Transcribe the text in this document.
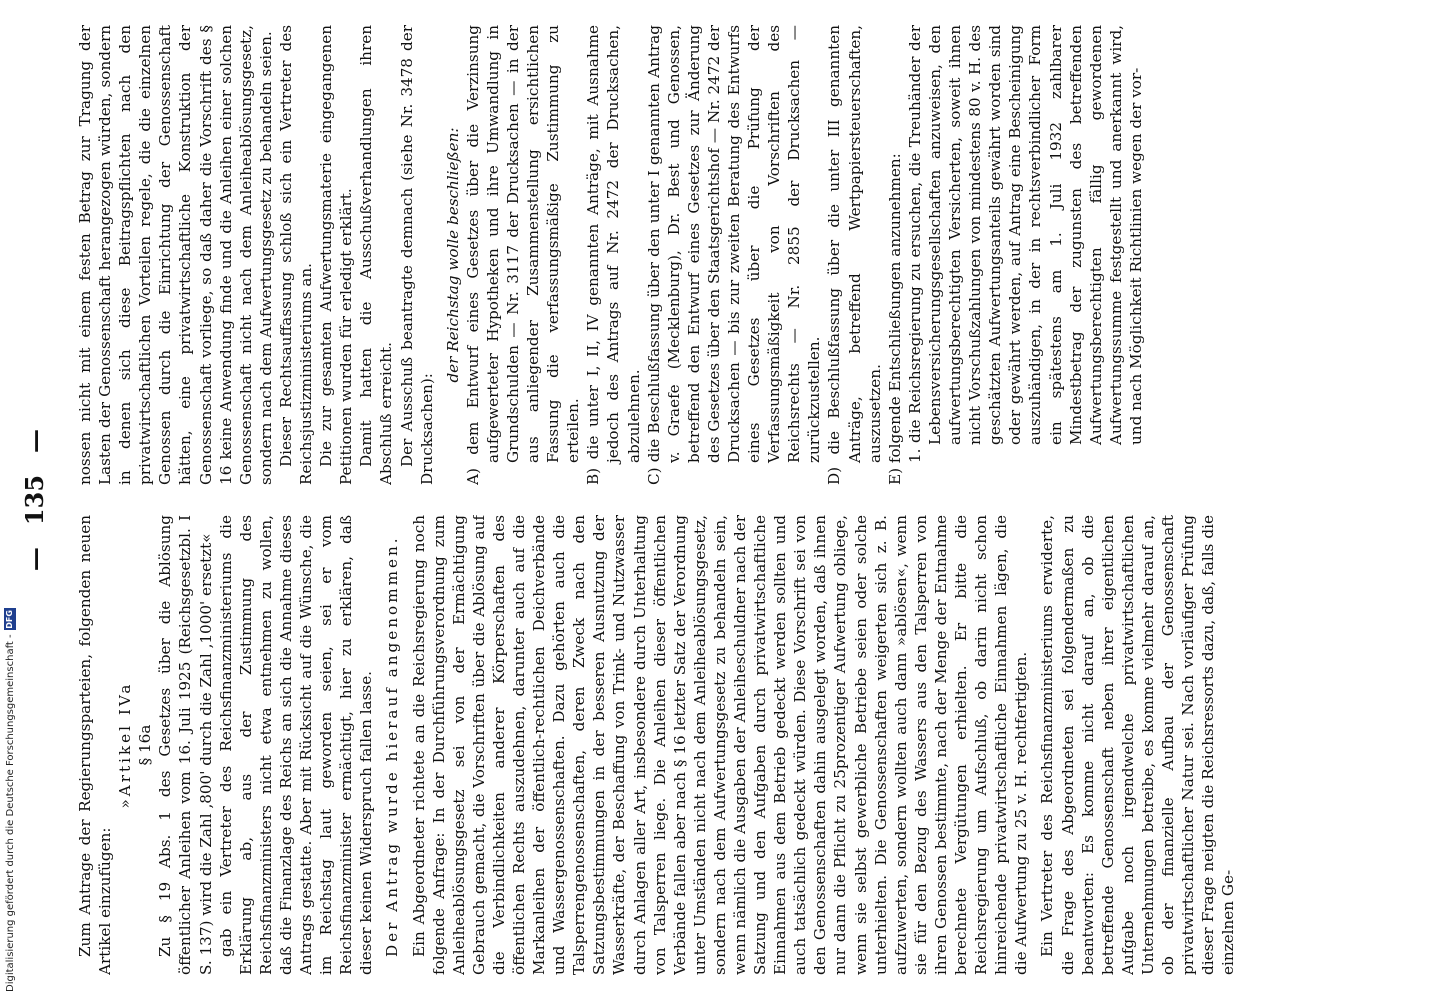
—
135
—

Zum Antrage der Regierungsparteien, folgenden neuen Artikel einzufügen:

»Artikel IVa § 16a Zu § 19 Abs. 1 des Gesetzes über die Ablösung öffentlicher Anleihen vom 16. Juli 1925 (Reichsgesetzbl. I S. 137) wird die Zahl ‚800' durch die Zahl ‚1000' ersetzt« gab ein Vertreter des Reichsfinanzministeriums die Erklärung ab, aus der Zustimmung des Reichsfinanzministers nicht etwa entnehmen zu wollen, daß die Finanzlage des Reichs an sich die Annahme dieses Antrags gestatte. Aber mit Rücksicht auf die Wünsche, die im Reichstag laut geworden seien, sei er vom Reichsfinanzminister ermächtigt, hier zu erklären, daß dieser keinen Widerspruch fallen lasse. Der Antrag wurde hierauf angenommen. Ein Abgeordneter richtete an die Reichsregierung noch folgende Anfrage: In der Durchführungsverordnung zum Anleiheablösungsgesetz sei von der Ermächtigung Gebrauch gemacht, die Vorschriften über die Ablösung auf die Verbindlichkeiten anderer Körperschaften des öffentlichen Rechts auszudehnen, darunter auch auf die Markanleihen der öffentlich-rechtlichen Deichverbände und Wassergenossenschaften. Dazu gehörten auch die Talsperrengenossenschaften, deren Zweck nach den Satzungsbestimmungen in der besseren Ausnutzung der Wasserkräfte, der Beschaffung von Trink- und Nutzwasser durch Anlagen aller Art, insbesondere durch Unterhaltung von Talsperren liege. Die Anleihen dieser öffentlichen Verbände fallen aber nach § 16 letzter Satz der Verordnung unter Umständen nicht nach dem Anleiheablösungsgesetz, sondern nach dem Aufwertungsgesetz zu behandeln sein, wenn nämlich die Ausgaben der Anleiheschuldner nach der Satzung und den Aufgaben durch privatwirtschaftliche Einnahmen aus dem Betrieb gedeckt werden sollten und auch tatsächlich gedeckt würden. Diese Vorschrift sei von den Genossenschaften dahin ausgelegt worden, daß ihnen nur dann die Pflicht zu 25prozentiger Aufwertung obliege, wenn sie selbst gewerbliche Betriebe seien oder solche unterhielten. Die Genossenschaften weigerten sich z. B. aufzuwerten, sondern wollten auch dann »ablösen«, wenn sie für den Bezug des Wassers aus den Talsperren von ihren Genossen bestimmte, nach der Menge der Entnahme berechnete Vergütungen erhielten. Er bitte die Reichsregierung um Aufschluß, ob darin nicht schon hinreichende privatwirtschaftliche Einnahmen lägen, die die Aufwertung zu 25 v. H. rechtfertigten. Ein Vertreter des Reichsfinanzministeriums erwiderte, die Frage des Abgeordneten sei folgendermaßen zu beantworten: Es komme nicht darauf an, ob die betreffende Genossenschaft neben ihrer eigentlichen Aufgabe noch irgendwelche privatwirtschaftlichen Unternehmungen betreibe, es komme vielmehr darauf an, ob der finanzielle Aufbau der Genossenschaft privatwirtschaftlicher Natur sei. Nach vorläufiger Prüfung dieser Frage neigten die Reichsressorts dazu, daß, falls die einzelnen Ge-

nossen nicht mit einem festen Betrag zur Tragung der Lasten der Genossenschaft herangezogen würden, sondern in denen sich diese Beitragspflichten nach den privatwirtschaftlichen Vorteilen regele, die die einzelnen Genossen durch die Einrichtung der Genossenschaft hätten, eine privatwirtschaftliche Konstruktion der Genossenschaft vorliege, so daß daher die Vorschrift des § 16 keine Anwendung finde und die Anleihen einer solchen Genossenschaft nicht nach dem Anleiheablösungsgesetz, sondern nach dem Aufwertungsgesetz zu behandeln seien. Dieser Rechtsauffassung schloß sich ein Vertreter des Reichsjustizministeriums an. Die zur gesamten Aufwertungsmaterie eingegangenen Petitionen wurden für erledigt erklärt. Damit hatten die Ausschußverhandlungen ihren Abschluß erreicht. Der Ausschuß beantragte demnach (siehe Nr. 3478 der Drucksachen):

der Reichstag wolle beschließen: A) dem Entwurf eines Gesetzes über die Verzinsung aufgewerteter Hypotheken und ihre Umwandlung in Grundschulden — Nr. 3117 der Drucksachen — in der aus anliegender Zusammenstellung ersichtlichen Fassung die verfassungsmäßige Zustimmung zu erteilen. B) die unter I, II, IV genannten Anträge, mit Ausnahme jedoch des Antrags auf Nr. 2472 der Drucksachen, abzulehnen. C) die Beschlußfassung über den unter I genannten Antrag v. Graefe (Mecklenburg), Dr. Best und Genossen, betreffend den Entwurf eines Gesetzes zur Änderung des Gesetzes über den Staatsgerichtshof — Nr. 2472 der Drucksachen — bis zur zweiten Beratung des Entwurfs eines Gesetzes über die Prüfung der Verfassungsmäßigkeit von Vorschriften des Reichsrechts — Nr. 2855 der Drucksachen — zurückzustellen. D) die Beschlußfassung über die unter III genannten Anträge, betreffend Wertpapiersteuerschaften, auszusetzen. E) folgende Entschließungen anzunehmen: 1. die Reichsregierung zu ersuchen, die Treuhänder der Lebensversicherungsgesellschaften anzuweisen, den aufwertungsberechtigten Versicherten, soweit ihnen nicht Vorschußzahlungen von mindestens 80 v. H. des geschätzten Aufwertungsanteils gewährt worden sind oder gewährt werden, auf Antrag eine Bescheinigung auszuhändigen, in der in rechtsverbindlicher Form ein spätestens am 1. Juli 1932 zahlbarer Mindestbetrag der zugunsten des betreffenden Aufwertungsberechtigten fällig gewordenen Aufwertungssumme festgestellt und anerkannt wird, und nach Möglichkeit Richtlinien wegen der vor-

Digitalisierung gefördert durch die Deutsche Forschungsgemeinschaft -
DFG
